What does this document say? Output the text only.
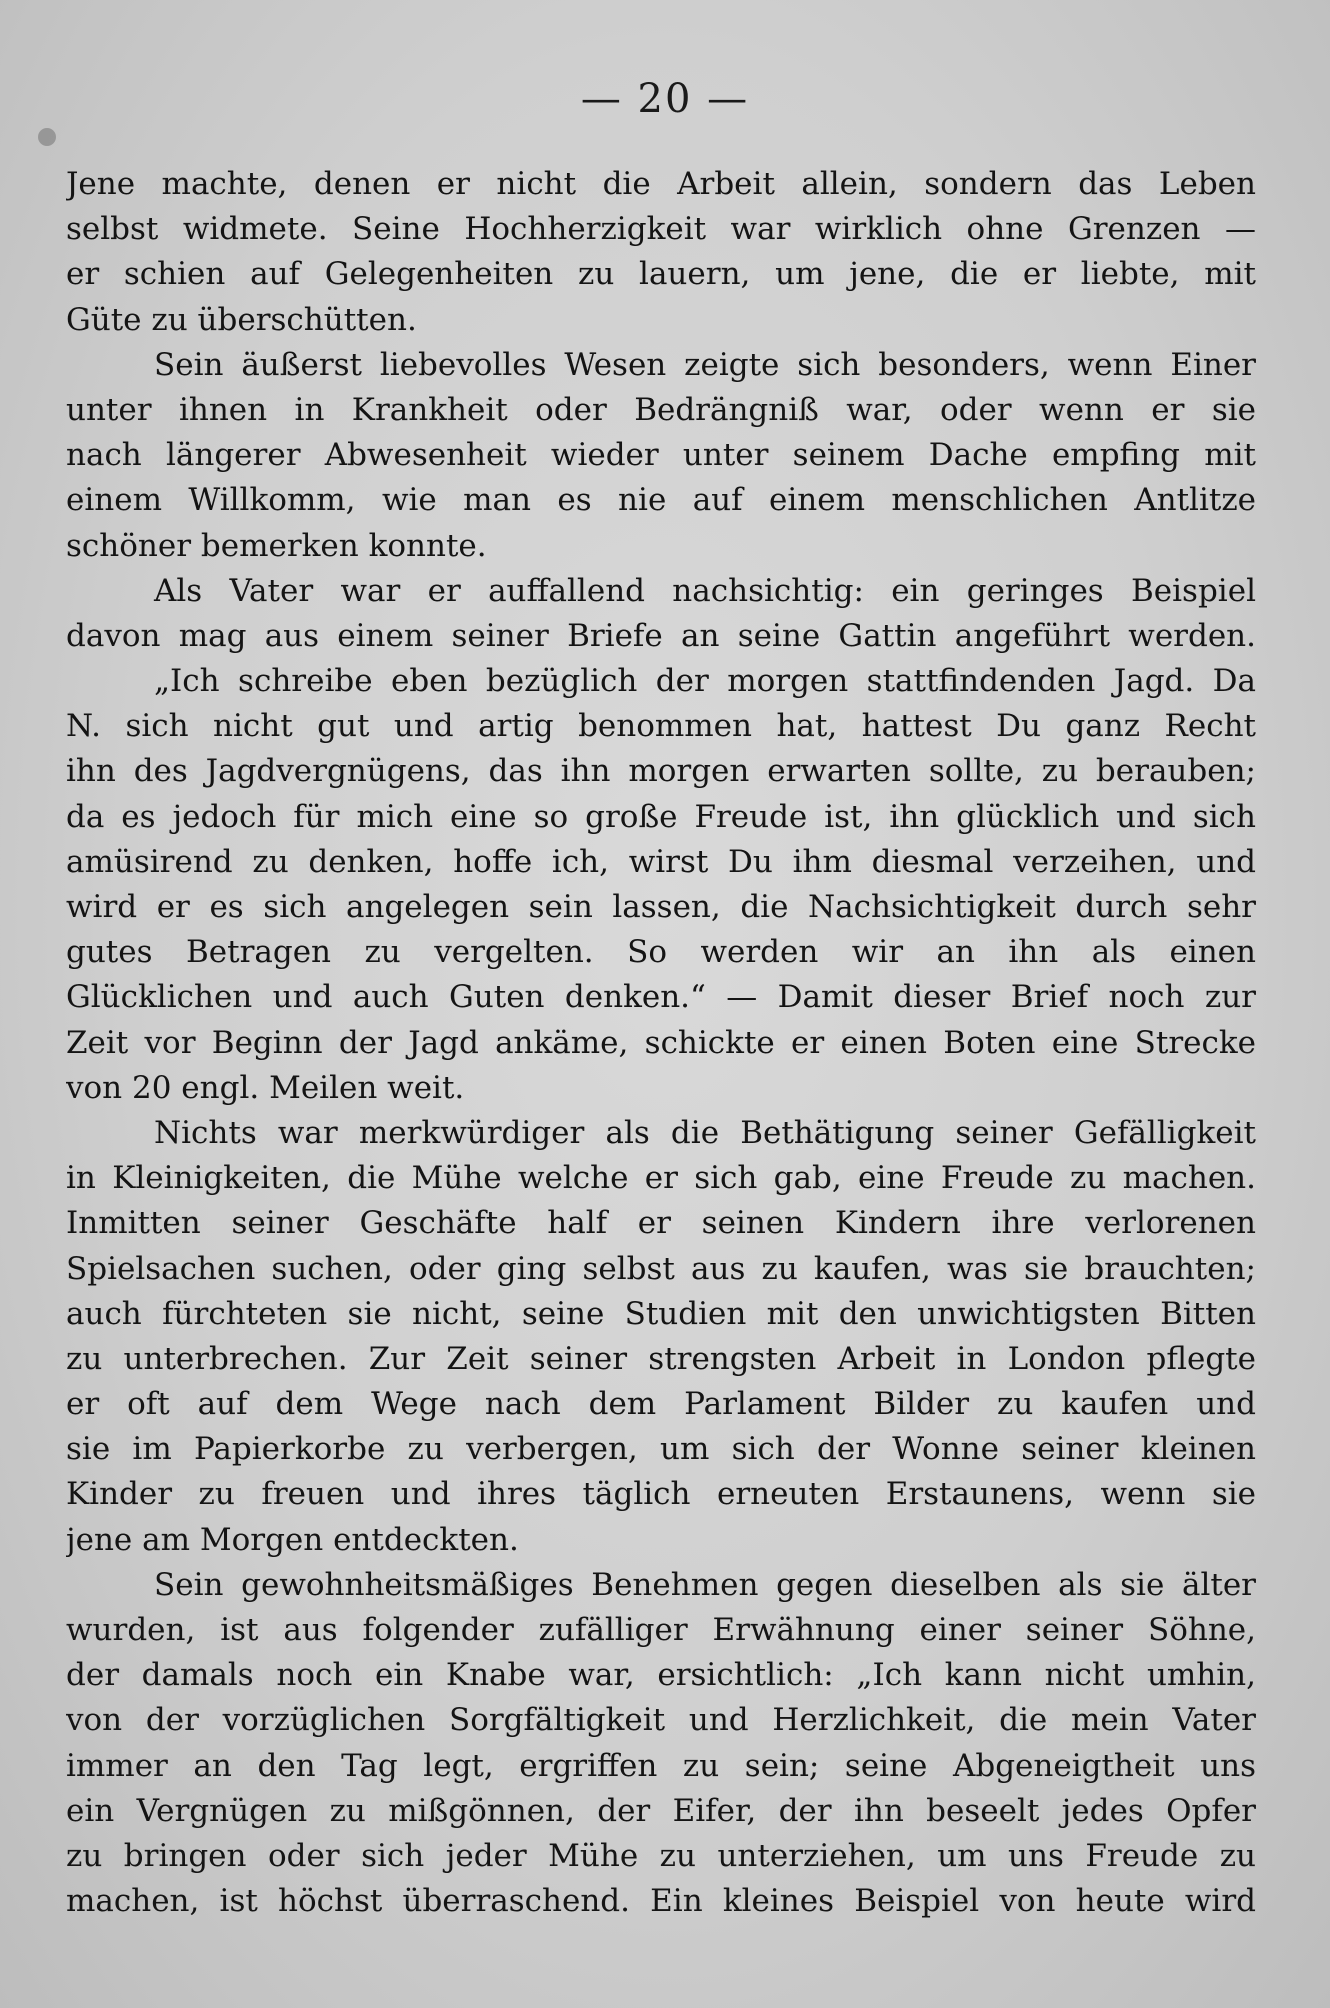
— 20 —
Jene machte, denen er nicht die Arbeit allein, sondern das Leben
selbst widmete. Seine Hochherzigkeit war wirklich ohne Grenzen —
er schien auf Gelegenheiten zu lauern, um jene, die er liebte, mit
Güte zu überschütten.
Sein äußerst liebevolles Wesen zeigte sich besonders, wenn Einer
unter ihnen in Krankheit oder Bedrängniß war, oder wenn er sie
nach längerer Abwesenheit wieder unter seinem Dache empfing mit
einem Willkomm, wie man es nie auf einem menschlichen Antlitze
schöner bemerken konnte.
Als Vater war er auffallend nachsichtig: ein geringes Beispiel
davon mag aus einem seiner Briefe an seine Gattin angeführt werden.
„Ich schreibe eben bezüglich der morgen stattfindenden Jagd. Da
N. sich nicht gut und artig benommen hat, hattest Du ganz Recht
ihn des Jagdvergnügens, das ihn morgen erwarten sollte, zu berauben;
da es jedoch für mich eine so große Freude ist, ihn glücklich und sich
amüsirend zu denken, hoffe ich, wirst Du ihm diesmal verzeihen, und
wird er es sich angelegen sein lassen, die Nachsichtigkeit durch sehr
gutes Betragen zu vergelten. So werden wir an ihn als einen
Glücklichen und auch Guten denken.“ — Damit dieser Brief noch zur
Zeit vor Beginn der Jagd ankäme, schickte er einen Boten eine Strecke
von 20 engl. Meilen weit.
Nichts war merkwürdiger als die Bethätigung seiner Gefälligkeit
in Kleinigkeiten, die Mühe welche er sich gab, eine Freude zu machen.
Inmitten seiner Geschäfte half er seinen Kindern ihre verlorenen
Spielsachen suchen, oder ging selbst aus zu kaufen, was sie brauchten;
auch fürchteten sie nicht, seine Studien mit den unwichtigsten Bitten
zu unterbrechen. Zur Zeit seiner strengsten Arbeit in London pflegte
er oft auf dem Wege nach dem Parlament Bilder zu kaufen und
sie im Papierkorbe zu verbergen, um sich der Wonne seiner kleinen
Kinder zu freuen und ihres täglich erneuten Erstaunens, wenn sie
jene am Morgen entdeckten.
Sein gewohnheitsmäßiges Benehmen gegen dieselben als sie älter
wurden, ist aus folgender zufälliger Erwähnung einer seiner Söhne,
der damals noch ein Knabe war, ersichtlich: „Ich kann nicht umhin,
von der vorzüglichen Sorgfältigkeit und Herzlichkeit, die mein Vater
immer an den Tag legt, ergriffen zu sein; seine Abgeneigtheit uns
ein Vergnügen zu mißgönnen, der Eifer, der ihn beseelt jedes Opfer
zu bringen oder sich jeder Mühe zu unterziehen, um uns Freude zu
machen, ist höchst überraschend. Ein kleines Beispiel von heute wird
